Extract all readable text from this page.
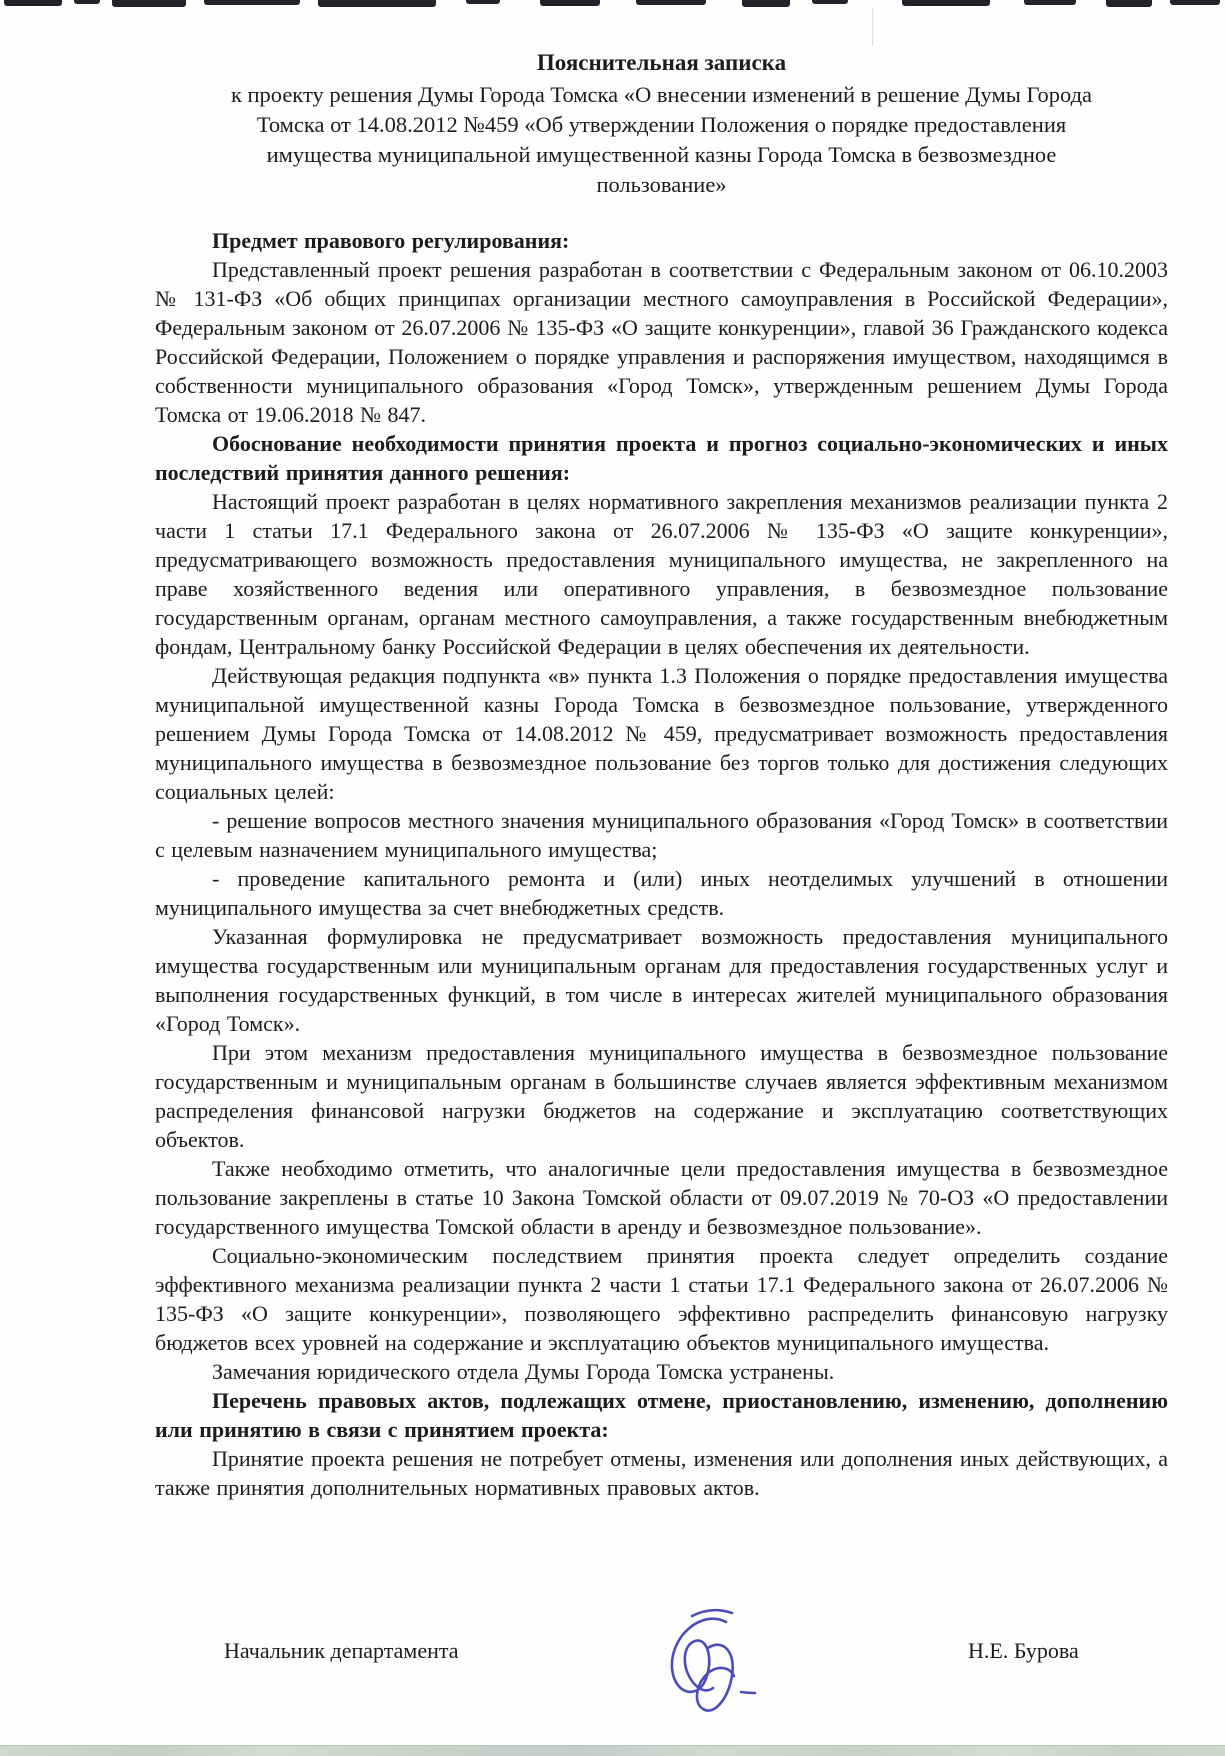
Пояснительная записка

к проекту решения Думы Города Томска «О внесении изменений в решение Думы Города Томска от 14.08.2012 №459 «Об утверждении Положения о порядке предоставления имущества муниципальной имущественной казны Города Томска в безвозмездное пользование»

Предмет правового регулирования:

Представленный проект решения разработан в соответствии с Федеральным законом от 06.10.2003 № 131-ФЗ «Об общих принципах организации местного самоуправления в Российской Федерации», Федеральным законом от 26.07.2006 № 135-ФЗ «О защите конкуренции», главой 36 Гражданского кодекса Российской Федерации, Положением о порядке управления и распоряжения имуществом, находящимся в собственности муниципального образования «Город Томск», утвержденным решением Думы Города Томска от 19.06.2018 № 847.

Обоснование необходимости принятия проекта и прогноз социально-экономических и иных последствий принятия данного решения:

Настоящий проект разработан в целях нормативного закрепления механизмов реализации пункта 2 части 1 статьи 17.1 Федерального закона от 26.07.2006 № 135-ФЗ «О защите конкуренции», предусматривающего возможность предоставления муниципального имущества, не закрепленного на праве хозяйственного ведения или оперативного управления, в безвозмездное пользование государственным органам, органам местного самоуправления, а также государственным внебюджетным фондам, Центральному банку Российской Федерации в целях обеспечения их деятельности.

Действующая редакция подпункта «в» пункта 1.3 Положения о порядке предоставления имущества муниципальной имущественной казны Города Томска в безвозмездное пользование, утвержденного решением Думы Города Томска от 14.08.2012 № 459, предусматривает возможность предоставления муниципального имущества в безвозмездное пользование без торгов только для достижения следующих социальных целей:

- решение вопросов местного значения муниципального образования «Город Томск» в соответствии с целевым назначением муниципального имущества;

- проведение капитального ремонта и (или) иных неотделимых улучшений в отношении муниципального имущества за счет внебюджетных средств.

Указанная формулировка не предусматривает возможность предоставления муниципального имущества государственным или муниципальным органам для предоставления государственных услуг и выполнения государственных функций, в том числе в интересах жителей муниципального образования «Город Томск».

При этом механизм предоставления муниципального имущества в безвозмездное пользование государственным и муниципальным органам в большинстве случаев является эффективным механизмом распределения финансовой нагрузки бюджетов на содержание и эксплуатацию соответствующих объектов.

Также необходимо отметить, что аналогичные цели предоставления имущества в безвозмездное пользование закреплены в статье 10 Закона Томской области от 09.07.2019 № 70-ОЗ «О предоставлении государственного имущества Томской области в аренду и безвозмездное пользование».

Социально-экономическим последствием принятия проекта следует определить создание эффективного механизма реализации пункта 2 части 1 статьи 17.1 Федерального закона от 26.07.2006 № 135-ФЗ «О защите конкуренции», позволяющего эффективно распределить финансовую нагрузку бюджетов всех уровней на содержание и эксплуатацию объектов муниципального имущества.

Замечания юридического отдела Думы Города Томска устранены.

Перечень правовых актов, подлежащих отмене, приостановлению, изменению, дополнению или принятию в связи с принятием проекта:

Принятие проекта решения не потребует отмены, изменения или дополнения иных действующих, а также принятия дополнительных нормативных правовых актов.

Начальник департамента	Н.Е. Бурова
